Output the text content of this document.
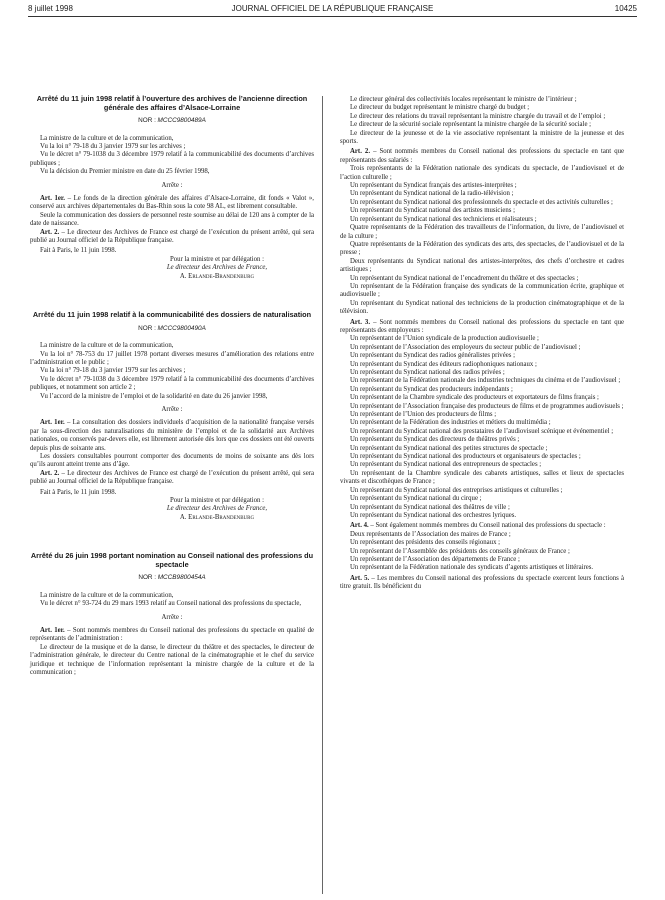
8 juillet 1998	JOURNAL OFFICIEL DE LA RÉPUBLIQUE FRANÇAISE	10425
Arrêté du 11 juin 1998 relatif à l’ouverture des archives de l’ancienne direction générale des affaires d’Alsace-Lorraine
NOR : MCCC9800489A

La ministre de la culture et de la communication,

Vu la loi n° 79-18 du 3 janvier 1979 sur les archives ;

Vu le décret n° 79-1038 du 3 décembre 1979 relatif à la communicabilité des documents d’archives publiques ;

Vu la décision du Premier ministre en date du 25 février 1998,

Arrête :

Art. 1er. – Le fonds de la direction générale des affaires d’Alsace-Lorraine, dit fonds « Valot », conservé aux archives départementales du Bas-Rhin sous la cote 98 AL, est librement consultable.

Seule la communication des dossiers de personnel reste soumise au délai de 120 ans à compter de la date de naissance.

Art. 2. – Le directeur des Archives de France est chargé de l’exécution du présent arrêté, qui sera publié au Journal officiel de la République française.

Fait à Paris, le 11 juin 1998.

Pour la ministre et par délégation :

Le directeur des Archives de France,

A. Erlande-Brandenburg

Arrêté du 11 juin 1998 relatif à la communicabilité des dossiers de naturalisation
NOR : MCCC9800490A

La ministre de la culture et de la communication,

Vu la loi n° 78-753 du 17 juillet 1978 portant diverses mesures d’amélioration des relations entre l’administration et le public ;

Vu la loi n° 79-18 du 3 janvier 1979 sur les archives ;

Vu le décret n° 79-1038 du 3 décembre 1979 relatif à la communicabilité des documents d’archives publiques, et notamment son article 2 ;

Vu l’accord de la ministre de l’emploi et de la solidarité en date du 26 janvier 1998,

Arrête :

Art. 1er. – La consultation des dossiers individuels d’acquisition de la nationalité française versés par la sous-direction des naturalisations du ministère de l’emploi et de la solidarité aux Archives nationales, ou conservés par-devers elle, est librement autorisée dès lors que ces dossiers ont été ouverts depuis plus de soixante ans.

Les dossiers consultables pourront comporter des documents de moins de soixante ans dès lors qu’ils auront atteint trente ans d’âge.

Art. 2. – Le directeur des Archives de France est chargé de l’exécution du présent arrêté, qui sera publié au Journal officiel de la République française.

Fait à Paris, le 11 juin 1998.

Pour la ministre et par délégation :

Le directeur des Archives de France,

A. Erlande-Brandenburg

Arrêté du 26 juin 1998 portant nomination au Conseil national des professions du spectacle
NOR : MCCB9800454A

La ministre de la culture et de la communication,

Vu le décret n° 93-724 du 29 mars 1993 relatif au Conseil national des professions du spectacle,

Arrête :

Art. 1er. – Sont nommés membres du Conseil national des professions du spectacle en qualité de représentants de l’administration :

Le directeur de la musique et de la danse, le directeur du théâtre et des spectacles, le directeur de l’administration générale, le directeur du Centre national de la cinématographie et le chef du service juridique et technique de l’information représentant la ministre chargée de la culture et de la communication ;

Le directeur général des collectivités locales représentant le ministre de l’intérieur ;

Le directeur du budget représentant le ministre chargé du budget ;

Le directeur des relations du travail représentant la ministre chargée du travail et de l’emploi ;

Le directeur de la sécurité sociale représentant la ministre chargée de la sécurité sociale ;

Le directeur de la jeunesse et de la vie associative représentant la ministre de la jeunesse et des sports.

Art. 2. – Sont nommés membres du Conseil national des professions du spectacle en tant que représentants des salariés :

Trois représentants de la Fédération nationale des syndicats du spectacle, de l’audiovisuel et de l’action culturelle ;

Un représentant du Syndicat français des artistes-interprètes ;

Un représentant du Syndicat national de la radio-télévision ;

Un représentant du Syndicat national des professionnels du spectacle et des activités culturelles ;

Un représentant du Syndicat national des artistes musiciens ;

Un représentant du Syndicat national des techniciens et réalisateurs ;

Quatre représentants de la Fédération des travailleurs de l’information, du livre, de l’audiovisuel et de la culture ;

Quatre représentants de la Fédération des syndicats des arts, des spectacles, de l’audiovisuel et de la presse ;

Deux représentants du Syndicat national des artistes-interprètes, des chefs d’orchestre et cadres artistiques ;

Un représentant du Syndicat national de l’encadrement du théâtre et des spectacles ;

Un représentant de la Fédération française des syndicats de la communication écrite, graphique et audiovisuelle ;

Un représentant du Syndicat national des techniciens de la production cinématographique et de la télévision.

Art. 3. – Sont nommés membres du Conseil national des professions du spectacle en tant que représentants des employeurs :

Un représentant de l’Union syndicale de la production audiovisuelle ;

Un représentant de l’Association des employeurs du secteur public de l’audiovisuel ;

Un représentant du Syndicat des radios généralistes privées ;

Un représentant du Syndicat des éditeurs radiophoniques nationaux ;

Un représentant du Syndicat national des radios privées ;

Un représentant de la Fédération nationale des industries techniques du cinéma et de l’audiovisuel ;

Un représentant du Syndicat des producteurs indépendants ;

Un représentant de la Chambre syndicale des producteurs et exportateurs de films français ;

Un représentant de l’Association française des producteurs de films et de programmes audiovisuels ;

Un représentant de l’Union des producteurs de films ;

Un représentant de la Fédération des industries et métiers du multimédia ;

Un représentant du Syndicat national des prestataires de l’audiovisuel scénique et événementiel ;

Un représentant du Syndicat des directeurs de théâtres privés ;

Un représentant du Syndicat national des petites structures de spectacle ;

Un représentant du Syndicat national des producteurs et organisateurs de spectacles ;

Un représentant du Syndicat national des entrepreneurs de spectacles ;

Un représentant de la Chambre syndicale des cabarets artistiques, salles et lieux de spectacles vivants et discothèques de France ;

Un représentant du Syndicat national des entreprises artistiques et culturelles ;

Un représentant du Syndicat national du cirque ;

Un représentant du Syndicat national des théâtres de ville ;

Un représentant du Syndicat national des orchestres lyriques.

Art. 4. – Sont également nommés membres du Conseil national des professions du spectacle :

Deux représentants de l’Association des maires de France ;

Un représentant des présidents des conseils régionaux ;

Un représentant de l’Assemblée des présidents des conseils généraux de France ;

Un représentant de l’Association des départements de France ;

Un représentant de la Fédération nationale des syndicats d’agents artistiques et littéraires.

Art. 5. – Les membres du Conseil national des professions du spectacle exercent leurs fonctions à titre gratuit. Ils bénéficient du
